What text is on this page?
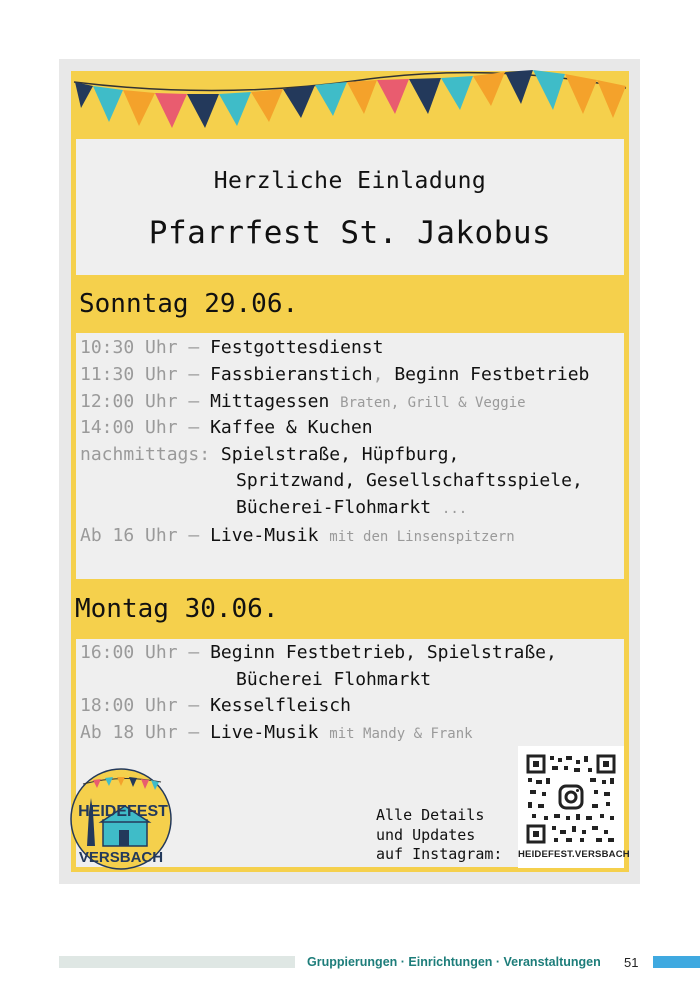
Herzliche Einladung
Pfarrfest St. Jakobus
Sonntag 29.06.
10:30 Uhr – Festgottesdienst
11:30 Uhr – Fassbieranstich, Beginn Festbetrieb
12:00 Uhr – Mittagessen Braten, Grill & Veggie
14:00 Uhr – Kaffee & Kuchen
nachmittags: Spielstraße, Hüpfburg,
Spritzwand, Gesellschaftsspiele,
Bücherei-Flohmarkt ...
Ab 16 Uhr – Live-Musik mit den Linsenspitzern
Montag 30.06.
16:00 Uhr – Beginn Festbetrieb, Spielstraße,
Bücherei Flohmarkt
18:00 Uhr – Kesselfleisch
Ab 18 Uhr – Live-Musik mit Mandy & Frank
HEIDEFEST
VERSBACH
Alle Details
und Updates
auf Instagram: HEIDEFEST.VERSBACH
Gruppierungen · Einrichtungen · Veranstaltungen 51
